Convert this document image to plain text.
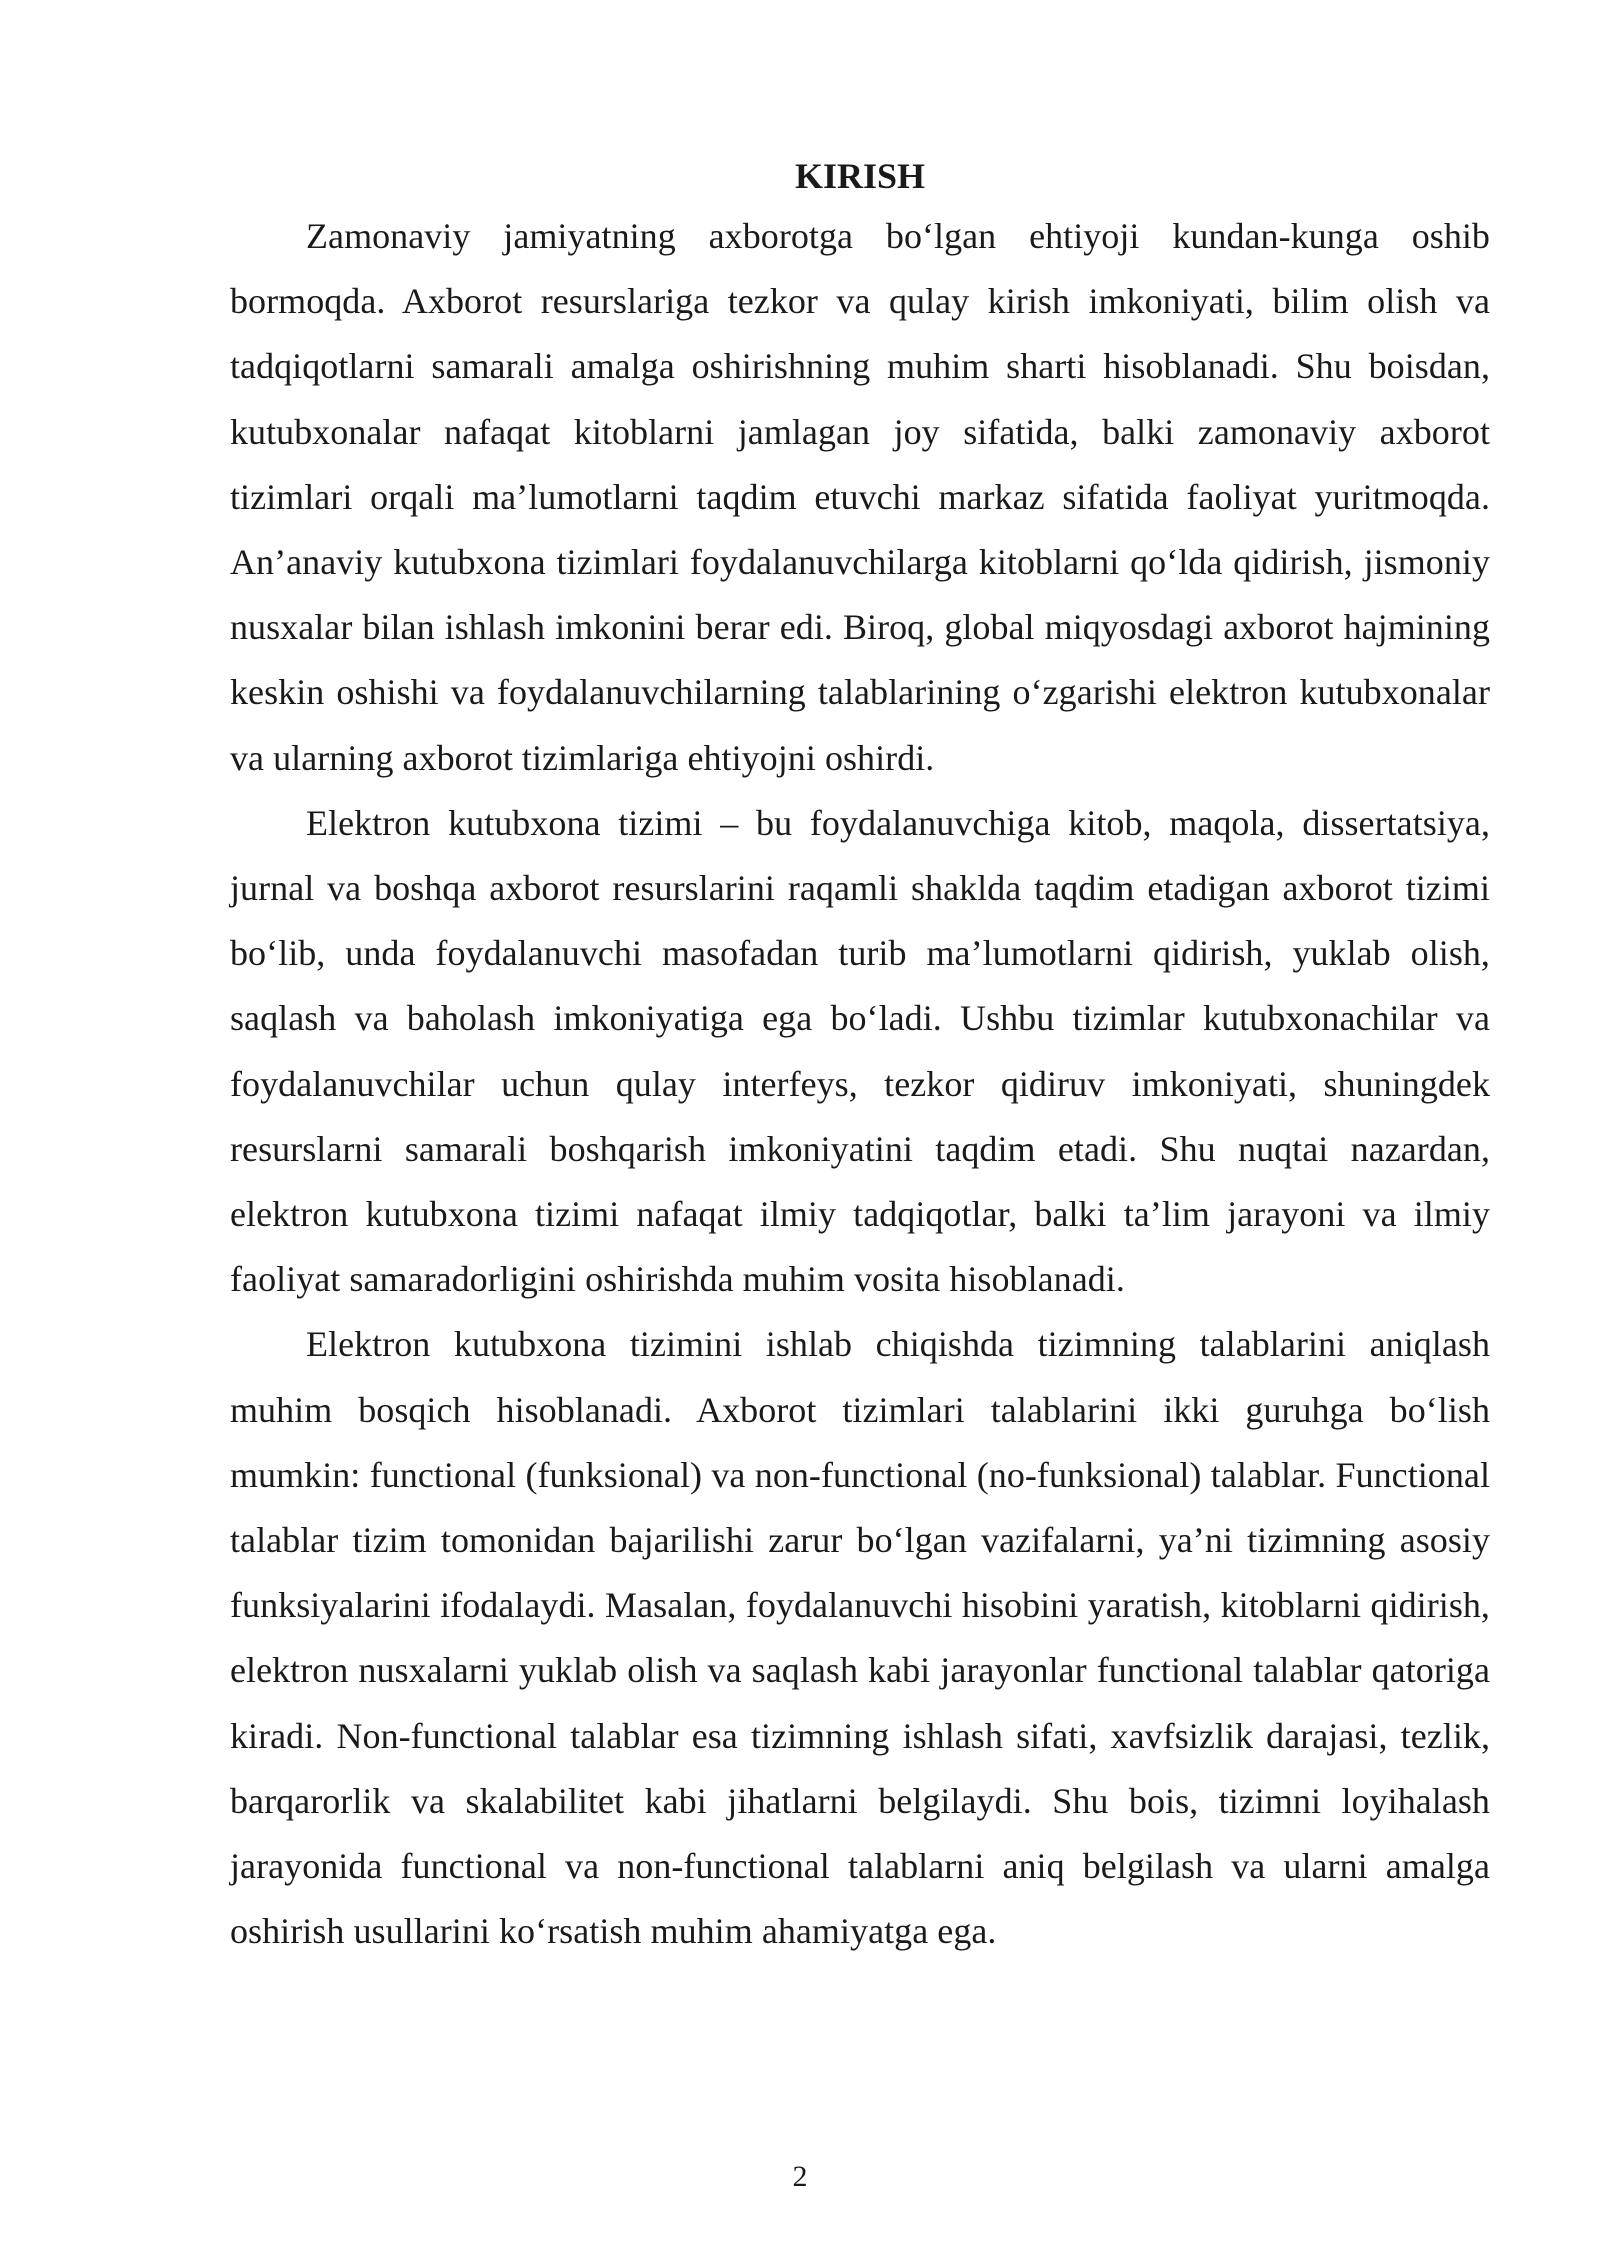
KIRISH

Zamonaviy jamiyatning axborotga bo‘lgan ehtiyoji kundan-kunga oshib bormoqda. Axborot resurslariga tezkor va qulay kirish imkoniyati, bilim olish va tadqiqotlarni samarali amalga oshirishning muhim sharti hisoblanadi. Shu boisdan, kutubxonalar nafaqat kitoblarni jamlagan joy sifatida, balki zamonaviy axborot tizimlari orqali ma’lumotlarni taqdim etuvchi markaz sifatida faoliyat yuritmoqda. An’anaviy kutubxona tizimlari foydalanuvchilarga kitoblarni qo‘lda qidirish, jismoniy nusxalar bilan ishlash imkonini berar edi. Biroq, global miqyosdagi axborot hajmining keskin oshishi va foydalanuvchilarning talablarining o‘zgarishi elektron kutubxonalar va ularning axborot tizimlariga ehtiyojni oshirdi.

Elektron kutubxona tizimi – bu foydalanuvchiga kitob, maqola, dissertatsiya, jurnal va boshqa axborot resurslarini raqamli shaklda taqdim etadigan axborot tizimi bo‘lib, unda foydalanuvchi masofadan turib ma’lumotlarni qidirish, yuklab olish, saqlash va baholash imkoniyatiga ega bo‘ladi. Ushbu tizimlar kutubxonachilar va foydalanuvchilar uchun qulay interfeys, tezkor qidiruv imkoniyati, shuningdek resurslarni samarali boshqarish imkoniyatini taqdim etadi. Shu nuqtai nazardan, elektron kutubxona tizimi nafaqat ilmiy tadqiqotlar, balki ta’lim jarayoni va ilmiy faoliyat samaradorligini oshirishda muhim vosita hisoblanadi.

Elektron kutubxona tizimini ishlab chiqishda tizimning talablarini aniqlash muhim bosqich hisoblanadi. Axborot tizimlari talablarini ikki guruhga bo‘lish mumkin: functional (funksional) va non-functional (no-funksional) talablar. Functional talablar tizim tomonidan bajarilishi zarur bo‘lgan vazifalarni, ya’ni tizimning asosiy funksiyalarini ifodalaydi. Masalan, foydalanuvchi hisobini yaratish, kitoblarni qidirish, elektron nusxalarni yuklab olish va saqlash kabi jarayonlar functional talablar qatoriga kiradi. Non-functional talablar esa tizimning ishlash sifati, xavfsizlik darajasi, tezlik, barqarorlik va skalabilitet kabi jihatlarni belgilaydi. Shu bois, tizimni loyihalash jarayonida functional va non-functional talablarni aniq belgilash va ularni amalga oshirish usullarini ko‘rsatish muhim ahamiyatga ega.

2
